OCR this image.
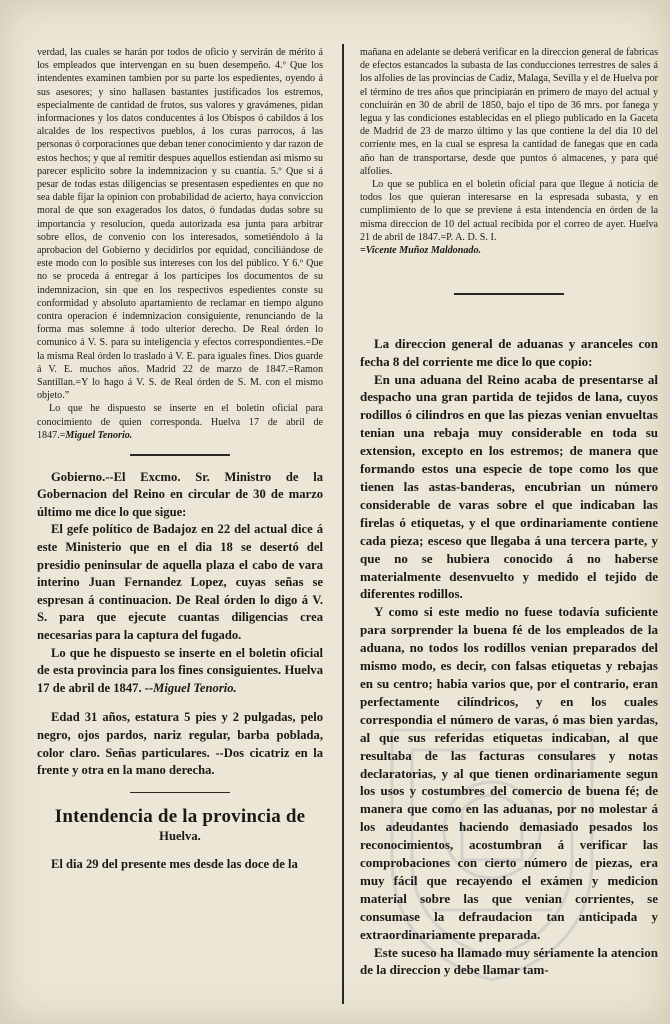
verdad, las cuales se harán por todos de oficio y servirán de mérito á los empleados que intervengan en su buen desempeño. 4.º Que los intendentes examinen tambien por su parte los espedientes, oyendo á sus asesores; y sino hallasen bastantes justificados los estremos, especialmente de cantidad de frutos, sus valores y gravámenes, pidan informaciones y los datos conducentes á los Obispos ó cabildos á los alcaldes de los respectivos pueblos, á los curas parrocos, á las personas ó corporaciones que deban tener conocimiento y dar razon de estos hechos; y que al remitir despues aquellos estiendan asi mismo su parecer esplicito sobre la indemnizacion y su cuantía. 5.º Que si á pesar de todas estas diligencias se presentasen espedientes en que no sea dable fijar la opinion con probabilidad de acierto, haya conviccion moral de que son exagerados los datos, ó fundadas dudas sobre su importancia y resolucion, queda autorizada esa junta para arbitrar sobre ellos, de convenio con los interesados, sometiéndolo á la aprobacion del Gobierno y decidirlos por equidad, conciliándose de este modo con lo posible sus intereses con los del público. Y 6.º Que no se proceda á entregar á los partícipes los documentos de su indemnizacion, sin que en los respectivos espedientes conste su conformidad y absoluto apartamiento de reclamar en tiempo alguno contra operacion é indemnizacion consiguiente, renunciando de la forma mas solemne á todo ulterior derecho. De Real órden lo comunico á V. S. para su inteligencia y efectos correspondientes.=De la misma Real órden lo traslado á V. E. para iguales fines. Dios guarde á V. E. muchos años. Madrid 22 de marzo de 1847.=Ramon Santillan.=Y lo hago á V. S. de Real órden de S. M. con el mismo objeto.”

Lo que he dispuesto se inserte en el boletin oficial para conocimiento de quien corresponda. Huelva 17 de abril de 1847.=Miguel Tenorio.

Gobierno.--El Excmo. Sr. Ministro de la Gobernacion del Reino en circular de 30 de marzo último me dice lo que sigue:

El gefe político de Badajoz en 22 del actual dice á este Ministerio que en el dia 18 se desertó del presidio peninsular de aquella plaza el cabo de vara interino Juan Fernandez Lopez, cuyas señas se espresan á continuacion. De Real órden lo digo á V. S. para que ejecute cuantas diligencias crea necesarias para la captura del fugado.

Lo que he dispuesto se inserte en el boletin oficial de esta provincia para los fines consiguientes. Huelva 17 de abril de 1847. --Miguel Tenorio.

Edad 31 años, estatura 5 pies y 2 pulgadas, pelo negro, ojos pardos, nariz regular, barba poblada, color claro. Señas particulares. --Dos cicatriz en la frente y otra en la mano derecha.

Intendencia de la provincia de
Huelva.

El dia 29 del presente mes desde las doce de la

mañana en adelante se deberá verificar en la direccion general de fabricas de efectos estancados la subasta de las conducciones terrestres de sales á los alfolies de las provincias de Cadiz, Malaga, Sevilla y el de Huelva por el término de tres años que principiarán en primero de mayo del actual y concluirán en 30 de abril de 1850, bajo el tipo de 36 mrs. por fanega y legua y las condiciones establecidas en el pliego publicado en la Gaceta de Madrid de 23 de marzo último y las que contiene la del dia 10 del corriente mes, en la cual se espresa la cantidad de fanegas que en cada año han de transportarse, desde que puntos ó almacenes, y para qué alfolies.

Lo que se publica en el boletin oficial para que llegue á noticia de todos los que quieran interesarse en la espresada subasta, y en cumplimiento de lo que se previene á esta intendencia en órden de la misma direccion de 10 del actual recibida por el correo de ayer. Huelva 21 de abril de 1847.=P. A. D. S. I.

=Vicente Muñoz Maldonado.

La direccion general de aduanas y aranceles con fecha 8 del corriente me dice lo que copio:

En una aduana del Reino acaba de presentarse al despacho una gran partida de tejidos de lana, cuyos rodillos ó cilindros en que las piezas venian envueltas tenian una rebaja muy considerable en toda su extension, excepto en los estremos; de manera que formando estos una especie de tope como los que tienen las astas-banderas, encubrian un número considerable de varas sobre el que indicaban las firelas ó etiquetas, y el que ordinariamente contiene cada pieza; esceso que llegaba á una tercera parte, y que no se hubiera conocido á no haberse materialmente desenvuelto y medido el tejido de diferentes rodillos.

Y como si este medio no fuese todavía suficiente para sorprender la buena fé de los empleados de la aduana, no todos los rodillos venian preparados del mismo modo, es decir, con falsas etiquetas y rebajas en su centro; habia varios que, por el contrario, eran perfectamente cilíndricos, y en los cuales correspondia el número de varas, ó mas bien yardas, al que sus referidas etiquetas indicaban, al que resultaba de las facturas consulares y notas declaratorias, y al que tienen ordinariamente segun los usos y costumbres del comercio de buena fé; de manera que como en las aduanas, por no molestar á los adeudantes haciendo demasiado pesados los reconocimientos, acostumbran á verificar las comprobaciones con cierto número de piezas, era muy fácil que recayendo el exámen y medicion material sobre las que venian corrientes, se consumase la defraudacion tan anticipada y extraordinariamente preparada.

Este suceso ha llamado muy sériamente la atencion de la direccion y debe llamar tam-
